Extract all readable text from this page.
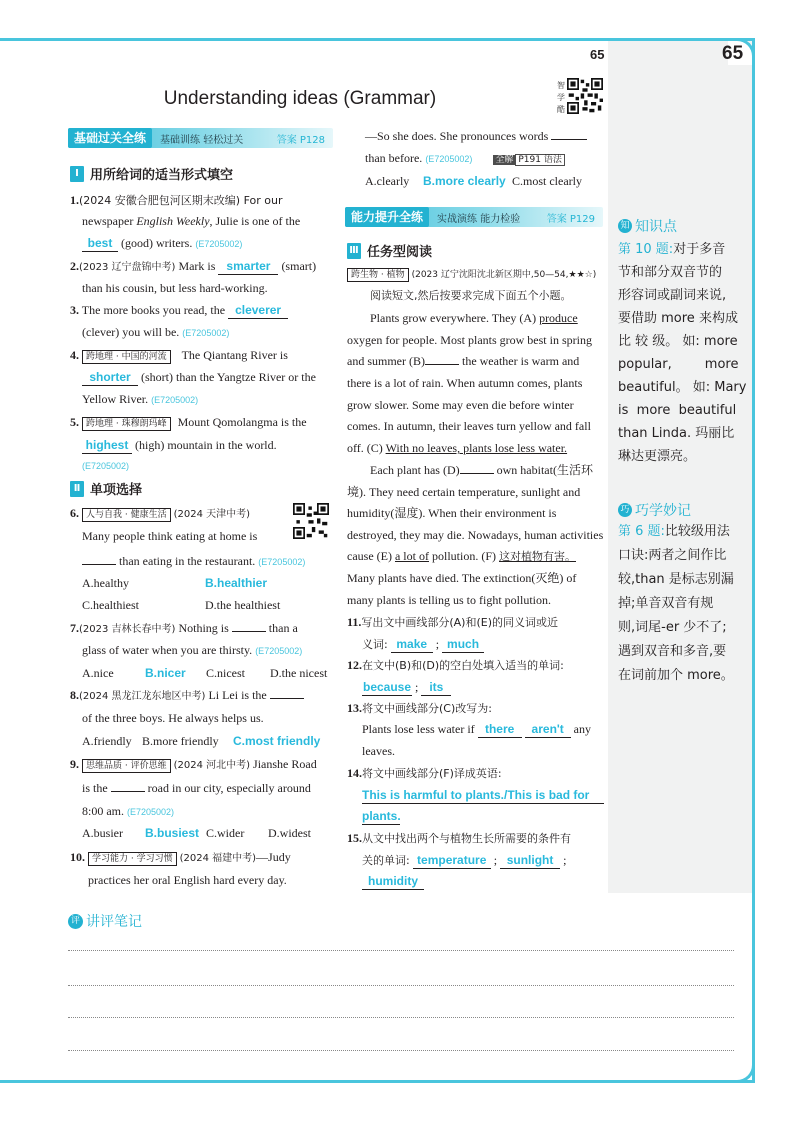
65	65
Understanding ideas (Grammar)
智学酷
基础过关全练	基础训练 轻松过关	答案 P128
Ⅰ 用所给词的适当形式填空
1.(2024 安徽合肥包河区期末改编) For our
newspaper English Weekly, Julie is one of the
best (good) writers. (E7205002)
2.(2023 辽宁盘锦中考) Mark is smarter (smart)
than his cousin, but less hard-working.
3. The more books you read, the cleverer
(clever) you will be. (E7205002)
4. 跨地理 · 中国的河流 The Qiantang River is
shorter (short) than the Yangtze River or the
Yellow River. (E7205002)
5. 跨地理 · 珠穆朗玛峰 Mount Qomolangma is the
highest (high) mountain in the world.
(E7205002)
Ⅱ 单项选择
6. 人与自我 · 健康生活 (2024 天津中考)
Many people think eating at home is
than eating in the restaurant. (E7205002)
A.healthy	B.healthier
C.healthiest	D.the healthiest
7.(2023 吉林长春中考) Nothing is	than a
glass of water when you are thirsty. (E7205002)
A.nice	B.nicer C.nicest D.the nicest
8.(2024 黑龙江龙东地区中考) Li Lei is the
of the three boys. He always helps us.
A.friendly B.more friendly C.most friendly
9. 思维品质 · 评价思维 (2024 河北中考) Jianshe Road
is the	road in our city, especially around
8:00 am. (E7205002)
A.busier B.busiest C.wider D.widest
10. 学习能力 · 学习习惯 (2024 福建中考)—Judy
practices her oral English hard every day.
—So she does. She pronounces words
than before. (E7205002)	全解 P191 语法
A.clearly B.more clearly C.most clearly
能力提升全练	实战演练 能力检验	答案 P129
Ⅲ 任务型阅读
跨生物 · 植物 (2023 辽宁沈阳沈北新区期中,50—54,★★☆)
阅读短文,然后按要求完成下面五个小题。
Plants grow everywhere. They (A) produce
oxygen for people. Most plants grow best in spring
and summer (B)	the weather is warm and
there is a lot of rain. When autumn comes, plants
grow slower. Some may even die before winter
comes. In autumn, their leaves turn yellow and fall
off. (C) With no leaves, plants lose less water.
Each plant has (D)	own habitat(生活环
境). They need certain temperature, sunlight and
humidity(湿度). When their environment is
destroyed, they may die. Nowadays, human activities
cause (E) a lot of pollution. (F) 这对植物有害。
Many plants have died. The extinction(灭绝) of
many plants is telling us to fight pollution.
11.写出文中画线部分(A)和(E)的同义词或近
义词: make ; much
12.在文中(B)和(D)的空白处填入适当的单词:
because ; its
13.将文中画线部分(C)改写为:
Plants lose less water if there aren't any
leaves.
14.将文中画线部分(F)译成英语:
This is harmful to plants./This is bad for
plants.
15.从文中找出两个与植物生长所需要的条件有
关的单词: temperature ; sunlight ;
humidity
知 知识点
第 10 题:对于多音
节和部分双音节的
形容词或副词来说,
要借助 more 来构成
比 较 级。 如: more
popular,        more
beautiful。 如: Mary
is  more  beautiful
than Linda. 玛丽比
琳达更漂亮。
巧 巧学妙记
第 6 题:比较级用法
口诀:两者之间作比
较,than 是标志别漏
掉;单音双音有规
则,词尾-er 少不了;
遇到双音和多音,要
在词前加个 more。
评 讲评笔记
